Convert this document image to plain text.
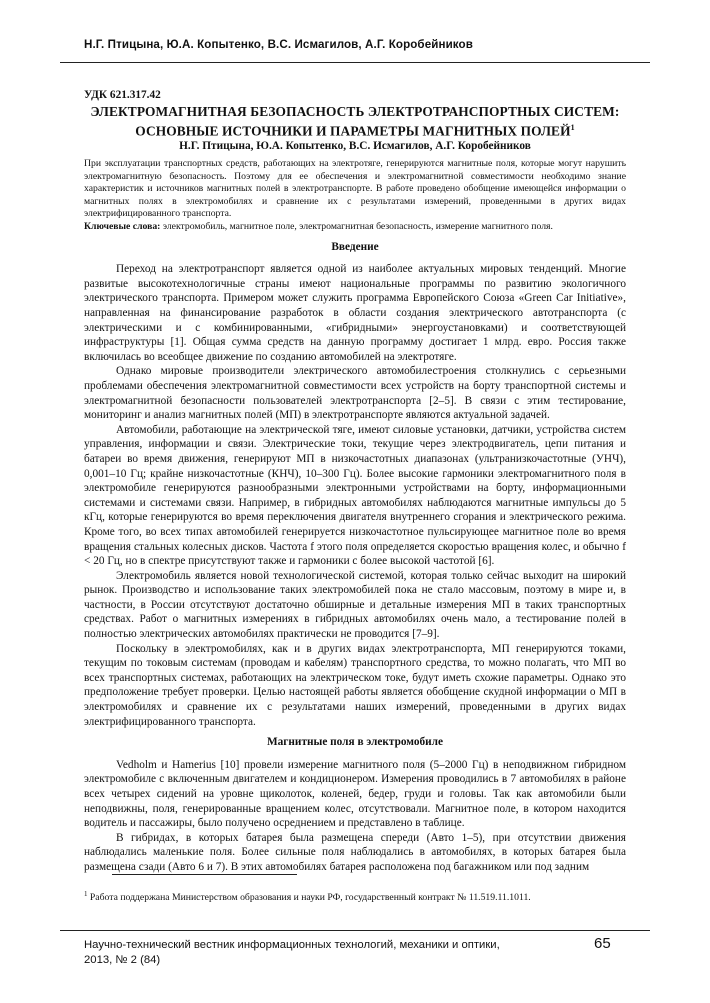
Н.Г. Птицына, Ю.А. Копытенко, В.С. Исмагилов, А.Г. Коробейников

УДК 621.317.42

ЭЛЕКТРОМАГНИТНАЯ БЕЗОПАСНОСТЬ ЭЛЕКТРОТРАНСПОРТНЫХ СИСТЕМ: ОСНОВНЫЕ ИСТОЧНИКИ И ПАРАМЕТРЫ МАГНИТНЫХ ПОЛЕЙ$^1$

Н.Г. Птицына, Ю.А. Копытенко, В.С. Исмагилов, А.Г. Коробейников

При эксплуатации транспортных средств, работающих на электротяге, генерируются магнитные поля, которые могут нарушить электромагнитную безопасность. Поэтому для ее обеспечения и электромагнитной совместимости необходимо знание характеристик и источников магнитных полей в электротранспорте. В работе проведено обобщение имеющейся информации о магнитных полях в электромобилях и сравнение их с результатами измерений, проведенными в других видах электрифицированного транспорта.

Ключевые слова: электромобиль, магнитное поле, электромагнитная безопасность, измерение магнитного поля.

Введение

Переход на электротранспорт является одной из наиболее актуальных мировых тенденций. Многие развитые высокотехнологичные страны имеют национальные программы по развитию экологичного электрического транспорта. Примером может служить программа Европейского Союза «Green Car Initiative», направленная на финансирование разработок в области создания электрического автотранспорта (с электрическими и с комбинированными, «гибридными» энергоустановками) и соответствующей инфраструктуры [1]. Общая сумма средств на данную программу достигает 1 млрд. евро. Россия также включилась во всеобщее движение по созданию автомобилей на электротяге.

Однако мировые производители электрического автомобилестроения столкнулись с серьезными проблемами обеспечения электромагнитной совместимости всех устройств на борту транспортной системы и электромагнитной безопасности пользователей электротранспорта [2–5]. В связи с этим тестирование, мониторинг и анализ магнитных полей (МП) в электротранспорте являются актуальной задачей.

Автомобили, работающие на электрической тяге, имеют силовые установки, датчики, устройства систем управления, информации и связи. Электрические токи, текущие через электродвигатель, цепи питания и батареи во время движения, генерируют МП в низкочастотных диапазонах (ультранизкочастотные (УНЧ), 0,001–10 Гц; крайне низкочастотные (КНЧ), 10–300 Гц). Более высокие гармоники электромагнитного поля в электромобиле генерируются разнообразными электронными устройствами на борту, информационными системами и системами связи. Например, в гибридных автомобилях наблюдаются магнитные импульсы до 5 кГц, которые генерируются во время переключения двигателя внутреннего сгорания и электрического режима. Кроме того, во всех типах автомобилей генерируется низкочастотное пульсирующее магнитное поле во время вращения стальных колесных дисков. Частота f этого поля определяется скоростью вращения колес, и обычно f < 20 Гц, но в спектре присутствуют также и гармоники с более высокой частотой [6].

Электромобиль является новой технологической системой, которая только сейчас выходит на широкий рынок. Производство и использование таких электромобилей пока не стало массовым, поэтому в мире и, в частности, в России отсутствуют достаточно обширные и детальные измерения МП в таких транспортных средствах. Работ о магнитных измерениях в гибридных автомобилях очень мало, а тестирование полей в полностью электрических автомобилях практически не проводится [7–9].

Поскольку в электромобилях, как и в других видах электротранспорта, МП генерируются токами, текущим по токовым системам (проводам и кабелям) транспортного средства, то можно полагать, что МП во всех транспортных системах, работающих на электрическом токе, будут иметь схожие параметры. Однако это предположение требует проверки. Целью настоящей работы является обобщение скудной информации о МП в электромобилях и сравнение их с результатами наших измерений, проведенными в других видах электрифицированного транспорта.

Магнитные поля в электромобиле

Vedholm и Hamerius [10] провели измерение магнитного поля (5–2000 Гц) в неподвижном гибридном электромобиле с включенным двигателем и кондиционером. Измерения проводились в 7 автомобилях в районе всех четырех сидений на уровне щиколоток, коленей, бедер, груди и головы. Так как автомобили были неподвижны, поля, генерированные вращением колес, отсутствовали. Магнитное поле, в котором находится водитель и пассажиры, было получено осреднением и представлено в таблице.

В гибридах, в которых батарея была размещена спереди (Авто 1–5), при отсутствии движения наблюдались маленькие поля. Более сильные поля наблюдались в автомобилях, в которых батарея была размещена сзади (Авто 6 и 7). В этих автомобилях батарея расположена под багажником или под задним

$^1$ Работа поддержана Министерством образования и науки РФ, государственный контракт № 11.519.11.1011.
Научно-технический вестник информационных технологий, механики и оптики,
2013, № 2 (84)
65
